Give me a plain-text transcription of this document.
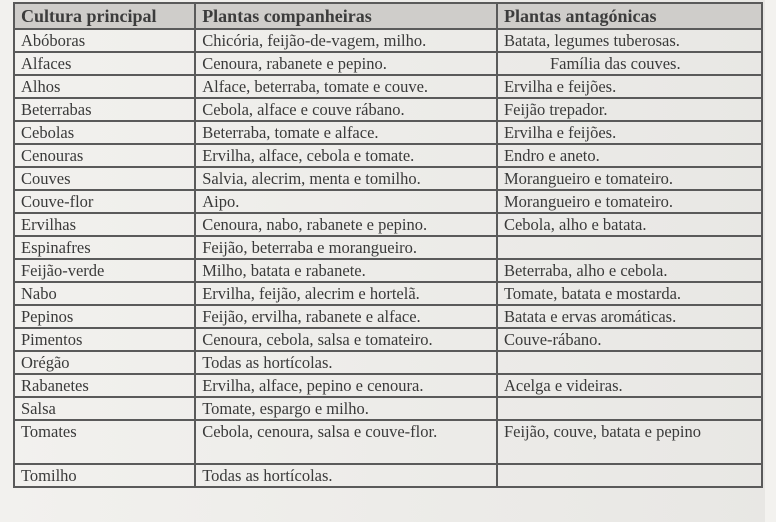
Cultura principal	Plantas companheiras	Plantas antagónicas
Abóboras	Chicória, feijão-de-vagem, milho.	Batata, legumes tuberosas.
Alfaces	Cenoura, rabanete e pepino.	Família das couves.
Alhos	Alface, beterraba, tomate e couve.	Ervilha e feijões.
Beterrabas	Cebola, alface e couve rábano.	Feijão trepador.
Cebolas	Beterraba, tomate e alface.	Ervilha e feijões.
Cenouras	Ervilha, alface, cebola e tomate.	Endro e aneto.
Couves	Salvia, alecrim, menta e tomilho.	Morangueiro e tomateiro.
Couve-flor	Aipo.	Morangueiro e tomateiro.
Ervilhas	Cenoura, nabo, rabanete e pepino.	Cebola, alho e batata.
Espinafres	Feijão, beterraba e morangueiro.	
Feijão-verde	Milho, batata e rabanete.	Beterraba, alho e cebola.
Nabo	Ervilha, feijão, alecrim e hortelã.	Tomate, batata e mostarda.
Pepinos	Feijão, ervilha, rabanete e alface.	Batata e ervas aromáticas.
Pimentos	Cenoura, cebola, salsa e tomateiro.	Couve-rábano.
Orégão	Todas as hortícolas.	
Rabanetes	Ervilha, alface, pepino e cenoura.	Acelga e videiras.
Salsa	Tomate, espargo e milho.	
Tomates	Cebola, cenoura, salsa e couve-flor.	Feijão, couve, batata e pepino
Tomilho	Todas as hortícolas.	
